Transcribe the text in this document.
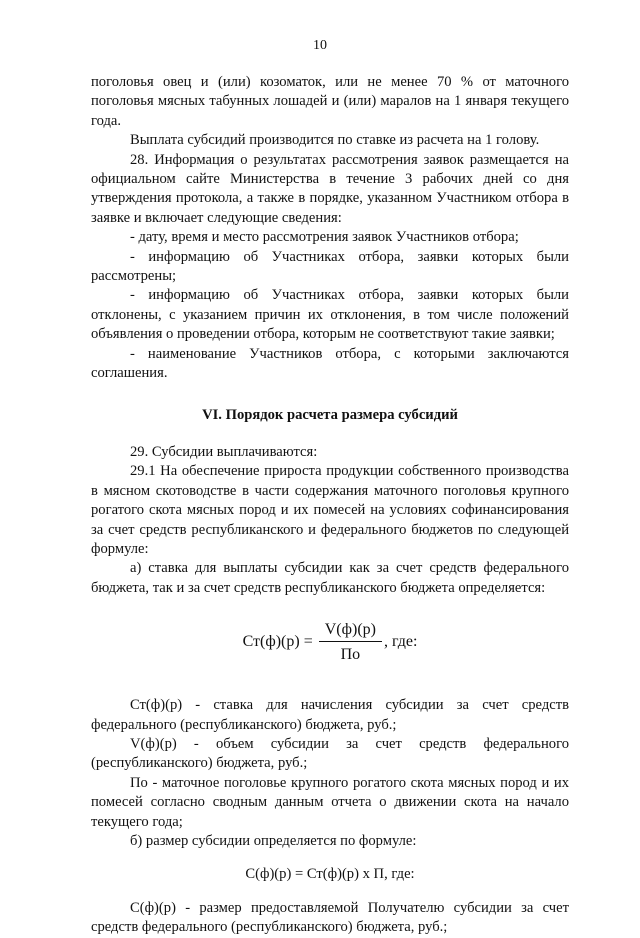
10

поголовья овец и (или) козоматок, или не менее 70 % от маточного поголовья мясных табунных лошадей и (или) маралов на 1 января текущего года.

Выплата субсидий производится по ставке из расчета на 1 голову.

28. Информация о результатах рассмотрения заявок размещается на официальном сайте Министерства в течение 3 рабочих дней со дня утверждения протокола, а также в порядке, указанном Участником отбора в заявке и включает следующие сведения:

- дату, время и место рассмотрения заявок Участников отбора;

- информацию об Участниках отбора, заявки которых были рассмотрены;

- информацию об Участниках отбора, заявки которых были отклонены, с указанием причин их отклонения, в том числе положений объявления о проведении отбора, которым не соответствуют такие заявки;

- наименование Участников отбора, с которыми заключаются соглашения.

VI. Порядок расчета размера субсидий

29. Субсидии выплачиваются:

29.1 На обеспечение прироста продукции собственного производства в мясном скотоводстве в части содержания маточного поголовья крупного рогатого скота мясных пород и их помесей на условиях софинансирования за счет средств республиканского и федерального бюджетов по следующей формуле:

а) ставка для выплаты субсидии как за счет средств федерального бюджета, так и за счет средств республиканского бюджета определяется:

$Ст(ф)(р) = \frac{V(ф)(р)}{По}$ , где:

Ст(ф)(р) - ставка для начисления субсидии за счет средств федерального (республиканского) бюджета, руб.;

V(ф)(р) - объем субсидии за счет средств федерального (республиканского) бюджета, руб.;

По - маточное поголовье крупного рогатого скота мясных пород и их помесей согласно сводным данным отчета о движении скота на начало текущего года;

б) размер субсидии определяется по формуле:

С(ф)(р) = Ст(ф)(р) х П, где:

С(ф)(р) - размер предоставляемой Получателю субсидии за счет средств федерального (республиканского) бюджета, руб.;
